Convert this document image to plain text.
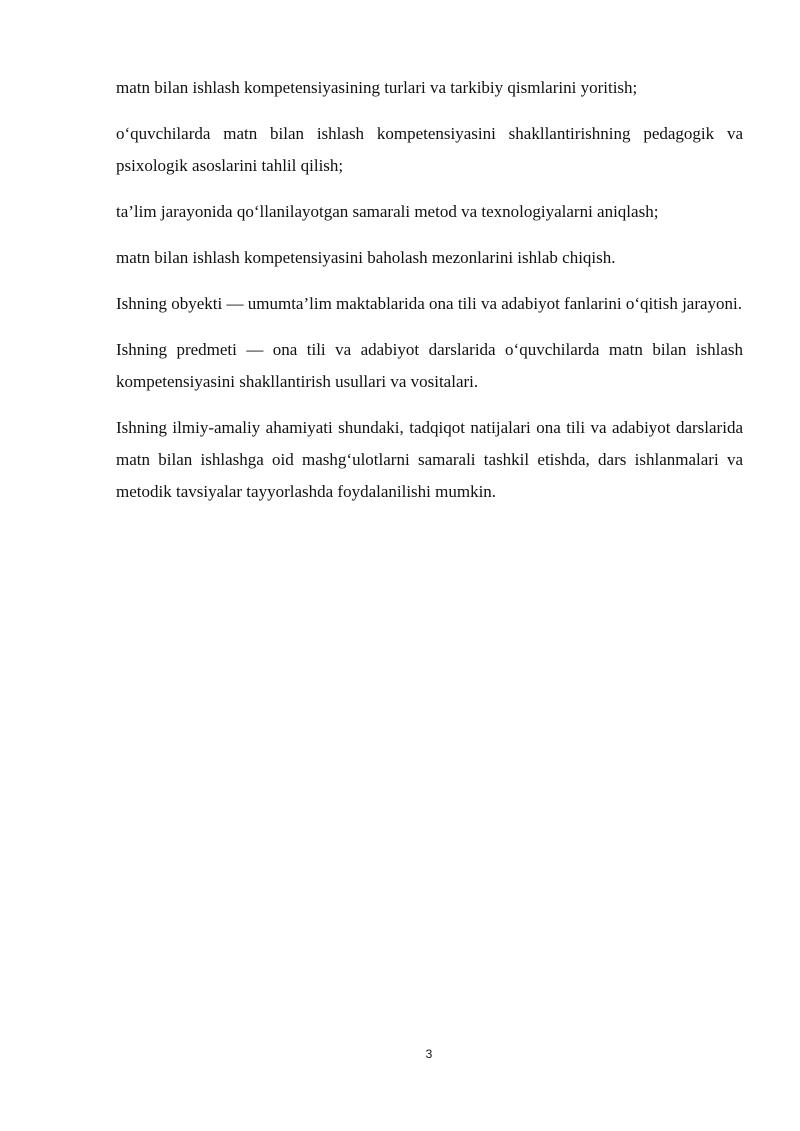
matn bilan ishlash kompetensiyasining turlari va tarkibiy qismlarini yoritish;

o‘quvchilarda matn bilan ishlash kompetensiyasini shakllantirishning pedagogik va psixologik asoslarini tahlil qilish;

ta’lim jarayonida qo‘llanilayotgan samarali metod va texnologiyalarni aniqlash;

matn bilan ishlash kompetensiyasini baholash mezonlarini ishlab chiqish.

Ishning obyekti — umumta’lim maktablarida ona tili va adabiyot fanlarini o‘qitish jarayoni.

Ishning predmeti — ona tili va adabiyot darslarida o‘quvchilarda matn bilan ishlash kompetensiyasini shakllantirish usullari va vositalari.

Ishning ilmiy-amaliy ahamiyati shundaki, tadqiqot natijalari ona tili va adabiyot darslarida matn bilan ishlashga oid mashg‘ulotlarni samarali tashkil etishda, dars ishlanmalari va metodik tavsiyalar tayyorlashda foydalanilishi mumkin.

3
